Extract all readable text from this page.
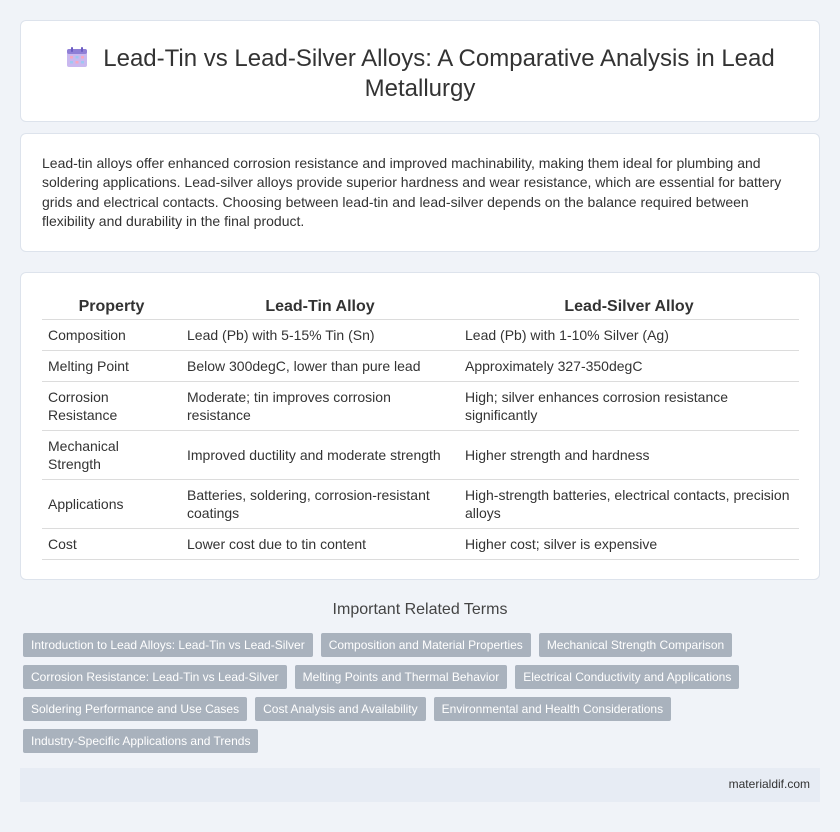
Lead-Tin vs Lead-Silver Alloys: A Comparative Analysis in Lead Metallurgy

Lead-tin alloys offer enhanced corrosion resistance and improved machinability, making them ideal for plumbing and soldering applications. Lead-silver alloys provide superior hardness and wear resistance, which are essential for battery grids and electrical contacts. Choosing between lead-tin and lead-silver depends on the balance required between flexibility and durability in the final product.

Property	Lead-Tin Alloy	Lead-Silver Alloy
Composition	Lead (Pb) with 5-15% Tin (Sn)	Lead (Pb) with 1-10% Silver (Ag)
Melting Point	Below 300degC, lower than pure lead	Approximately 327-350degC
Corrosion Resistance	Moderate; tin improves corrosion resistance	High; silver enhances corrosion resistance significantly
Mechanical Strength	Improved ductility and moderate strength	Higher strength and hardness
Applications	Batteries, soldering, corrosion-resistant coatings	High-strength batteries, electrical contacts, precision alloys
Cost	Lower cost due to tin content	Higher cost; silver is expensive
Important Related Terms
Introduction to Lead Alloys: Lead-Tin vs Lead-Silver	Composition and Material Properties	Mechanical Strength Comparison
Corrosion Resistance: Lead-Tin vs Lead-Silver	Melting Points and Thermal Behavior	Electrical Conductivity and Applications
Soldering Performance and Use Cases	Cost Analysis and Availability	Environmental and Health Considerations
Industry-Specific Applications and Trends
materialdif.com
